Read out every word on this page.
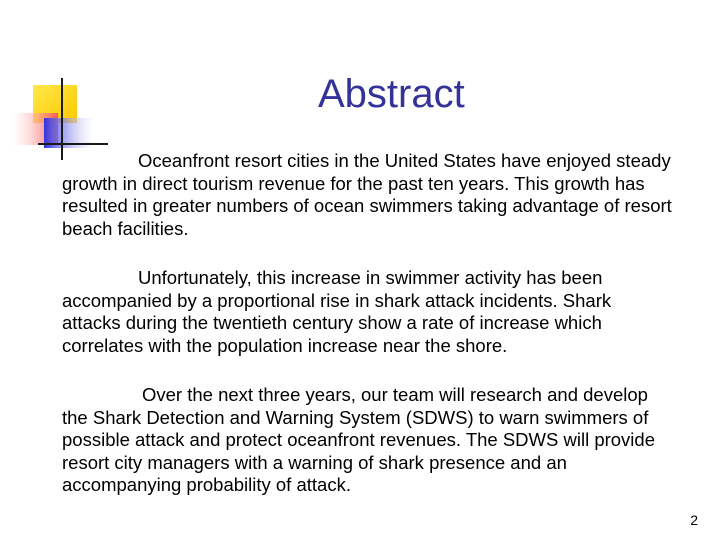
Abstract

Oceanfront resort cities in the United States have enjoyed steady growth in direct tourism revenue for the past ten years. This growth has resulted in greater numbers of ocean swimmers taking advantage of resort beach facilities.

Unfortunately, this increase in swimmer activity has been accompanied by a proportional rise in shark attack incidents. Shark attacks during the twentieth century show a rate of increase which correlates with the population increase near the shore.

Over the next three years, our team will research and develop the Shark Detection and Warning System (SDWS) to warn swimmers of possible attack and protect oceanfront revenues. The SDWS will provide resort city managers with a warning of shark presence and an accompanying probability of attack.

2
